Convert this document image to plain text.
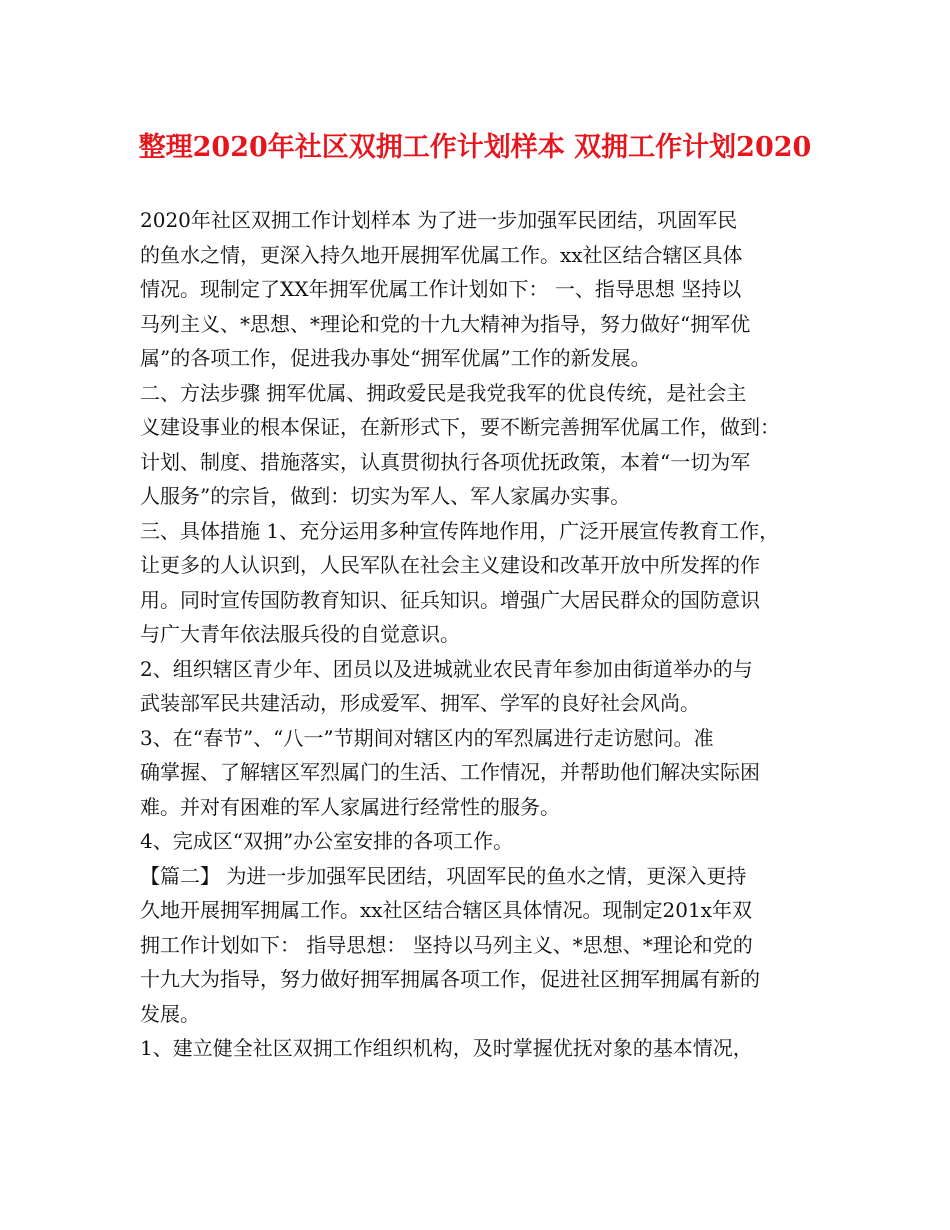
整理2020年社区双拥工作计划样本 双拥工作计划2020
2020年社区双拥工作计划样本 为了进一步加强军民团结，巩固军民
的鱼水之情，更深入持久地开展拥军优属工作。xx社区结合辖区具体
情况。现制定了XX年拥军优属工作计划如下： 一、指导思想 坚持以
马列主义、*思想、*理论和党的十九大精神为指导，努力做好“拥军优
属”的各项工作，促进我办事处“拥军优属”工作的新发展。
二、方法步骤 拥军优属、拥政爱民是我党我军的优良传统，是社会主
义建设事业的根本保证，在新形式下，要不断完善拥军优属工作，做到：
计划、制度、措施落实，认真贯彻执行各项优抚政策，本着“一切为军
人服务”的宗旨，做到：切实为军人、军人家属办实事。
三、具体措施 1、充分运用多种宣传阵地作用，广泛开展宣传教育工作，
让更多的人认识到，人民军队在社会主义建设和改革开放中所发挥的作
用。同时宣传国防教育知识、征兵知识。增强广大居民群众的国防意识
与广大青年依法服兵役的自觉意识。
2、组织辖区青少年、团员以及进城就业农民青年参加由街道举办的与
武装部军民共建活动，形成爱军、拥军、学军的良好社会风尚。
3、在“春节”、“八一”节期间对辖区内的军烈属进行走访慰问。准
确掌握、了解辖区军烈属门的生活、工作情况，并帮助他们解决实际困
难。并对有困难的军人家属进行经常性的服务。
4、完成区“双拥”办公室安排的各项工作。
【篇二】 为进一步加强军民团结，巩固军民的鱼水之情，更深入更持
久地开展拥军拥属工作。xx社区结合辖区具体情况。现制定201x年双
拥工作计划如下： 指导思想： 坚持以马列主义、*思想、*理论和党的
十九大为指导，努力做好拥军拥属各项工作，促进社区拥军拥属有新的
发展。
1、建立健全社区双拥工作组织机构，及时掌握优抚对象的基本情况，
